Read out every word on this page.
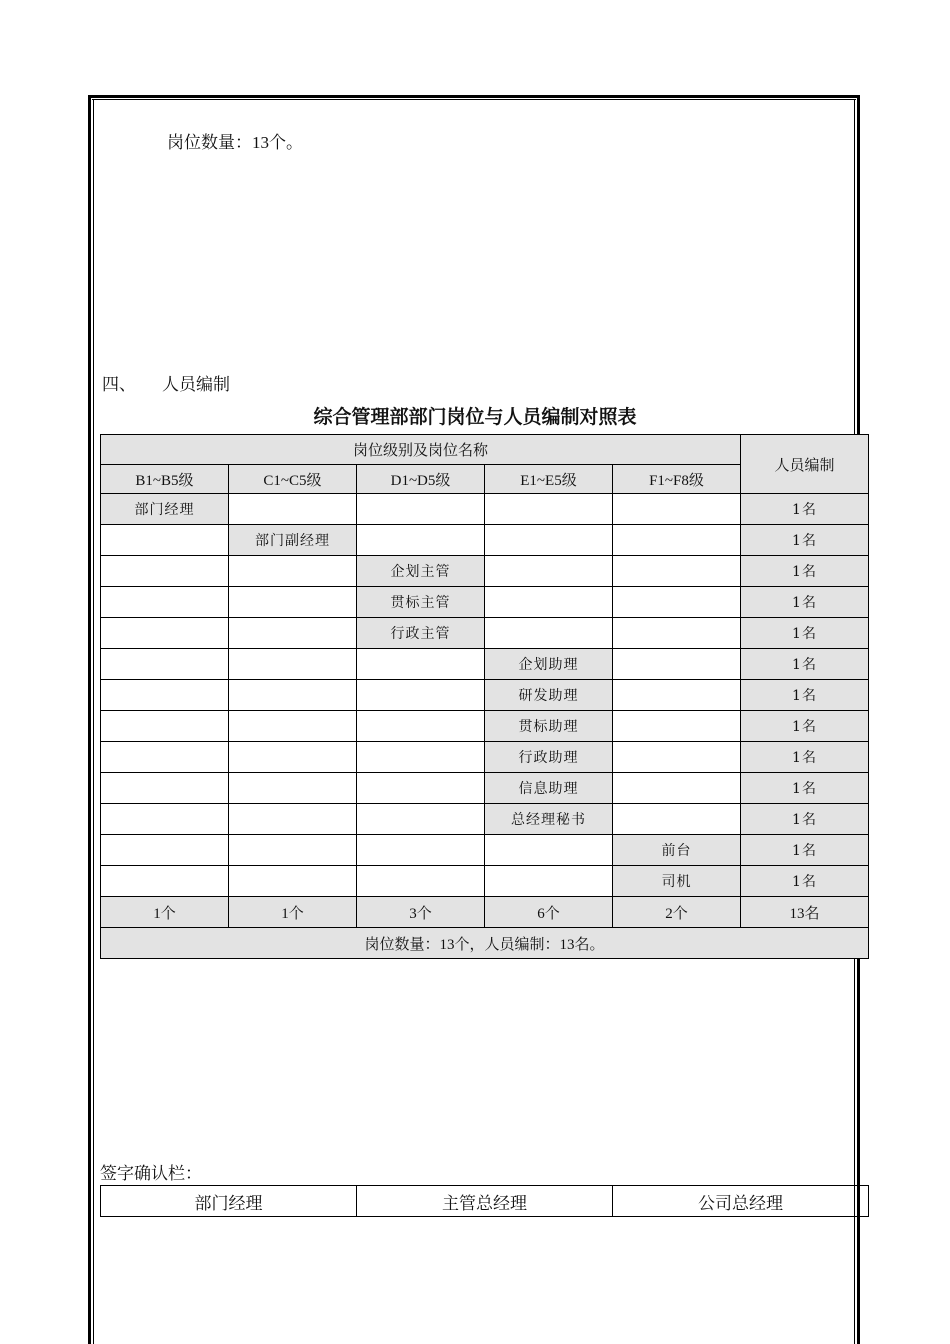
岗位数量：13个。
四、 人员编制
综合管理部部门岗位与人员编制对照表
岗位级别及岗位名称					人员编制
B1~B5级	C1~C5级	D1~D5级	E1~E5级	F1~F8级	
部门经理					1名
	部门副经理				1名
		企划主管			1名
		贯标主管			1名
		行政主管			1名
			企划助理		1名
			研发助理		1名
			贯标助理		1名
			行政助理		1名
			信息助理		1名
			总经理秘书		1名
				前台	1名
				司机	1名
1个	1个	3个	6个	2个	13名
岗位数量：13个，人员编制：13名。					
签字确认栏：
部门经理	主管总经理	公司总经理
